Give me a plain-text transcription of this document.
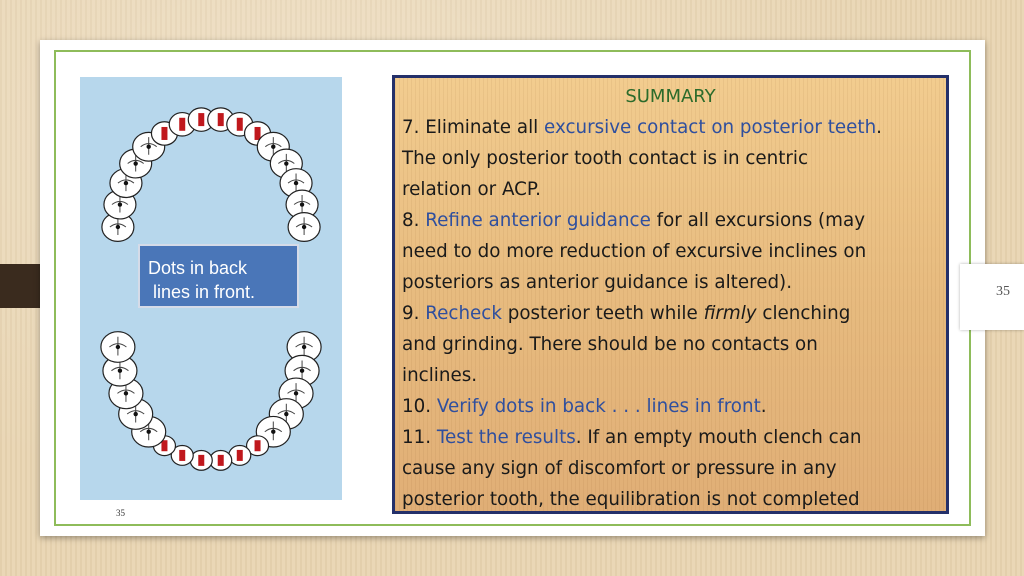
35
Dots in back
lines in front.
35
SUMMARY
7. Eliminate all excursive contact on posterior teeth.
The only posterior tooth contact is in centric
relation or ACP.
8. Refine anterior guidance for all excursions (may
need to do more reduction of excursive inclines on
posteriors as anterior guidance is altered).
9. Recheck posterior teeth while firmly clenching
and grinding. There should be no contacts on
inclines.
10. Verify dots in back . . . lines in front.
11. Test the results. If an empty mouth clench can
cause any sign of discomfort or pressure in any
posterior tooth, the equilibration is not completed
